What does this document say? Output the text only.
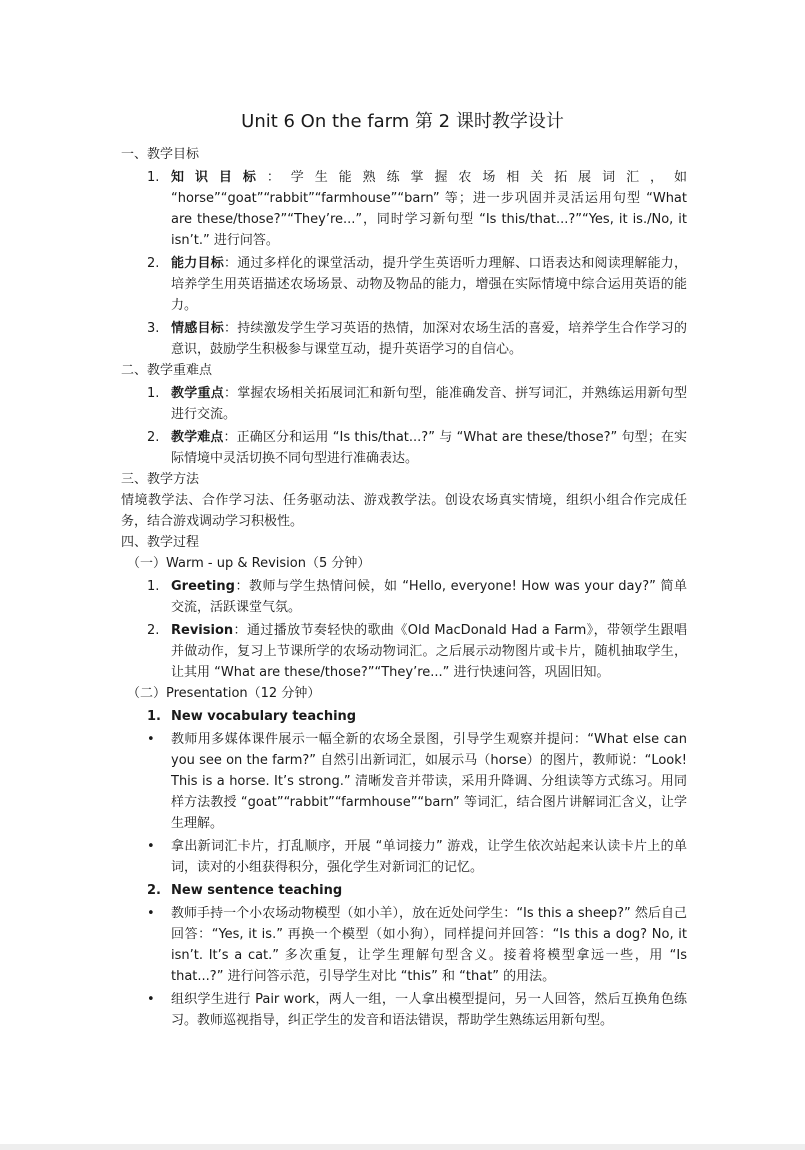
Unit 6 On the farm 第 2 课时教学设计

一、教学目标

1. 知识目标：学生能熟练掌握农场相关拓展词汇，如 “horse”“goat”“rabbit”“farmhouse”“barn” 等；进一步巩固并灵活运用句型 “What are these/those?”“They’re...”，同时学习新句型 “Is this/that...?”“Yes, it is./No, it isn’t.” 进行问答。
2. 能力目标：通过多样化的课堂活动，提升学生英语听力理解、口语表达和阅读理解能力，培养学生用英语描述农场场景、动物及物品的能力，增强在实际情境中综合运用英语的能力。
3. 情感目标：持续激发学生学习英语的热情，加深对农场生活的喜爱，培养学生合作学习的意识，鼓励学生积极参与课堂互动，提升英语学习的自信心。

二、教学重难点

1. 教学重点：掌握农场相关拓展词汇和新句型，能准确发音、拼写词汇，并熟练运用新句型进行交流。
2. 教学难点：正确区分和运用 “Is this/that...?” 与 “What are these/those?” 句型；在实际情境中灵活切换不同句型进行准确表达。

三、教学方法

情境教学法、合作学习法、任务驱动法、游戏教学法。创设农场真实情境，组织小组合作完成任务，结合游戏调动学习积极性。

四、教学过程

（一）Warm - up & Revision（5 分钟）

1. Greeting：教师与学生热情问候，如 “Hello, everyone! How was your day?” 简单交流，活跃课堂气氛。
2. Revision：通过播放节奏轻快的歌曲《Old MacDonald Had a Farm》，带领学生跟唱并做动作，复习上节课所学的农场动物词汇。之后展示动物图片或卡片，随机抽取学生，让其用 “What are these/those?”“They’re...” 进行快速问答，巩固旧知。

（二）Presentation（12 分钟）

1. New vocabulary teaching
• 教师用多媒体课件展示一幅全新的农场全景图，引导学生观察并提问：“What else can you see on the farm?” 自然引出新词汇，如展示马（horse）的图片，教师说：“Look! This is a horse. It’s strong.” 清晰发音并带读，采用升降调、分组读等方式练习。用同样方法教授 “goat”“rabbit”“farmhouse”“barn” 等词汇，结合图片讲解词汇含义，让学生理解。
• 拿出新词汇卡片，打乱顺序，开展 “单词接力” 游戏，让学生依次站起来认读卡片上的单词，读对的小组获得积分，强化学生对新词汇的记忆。
2. New sentence teaching
• 教师手持一个小农场动物模型（如小羊），放在近处问学生：“Is this a sheep?” 然后自己回答：“Yes, it is.” 再换一个模型（如小狗），同样提问并回答：“Is this a dog? No, it isn’t. It’s a cat.” 多次重复，让学生理解句型含义。接着将模型拿远一些，用 “Is that...?” 进行问答示范，引导学生对比 “this” 和 “that” 的用法。
• 组织学生进行 Pair work，两人一组，一人拿出模型提问，另一人回答，然后互换角色练习。教师巡视指导，纠正学生的发音和语法错误，帮助学生熟练运用新句型。
